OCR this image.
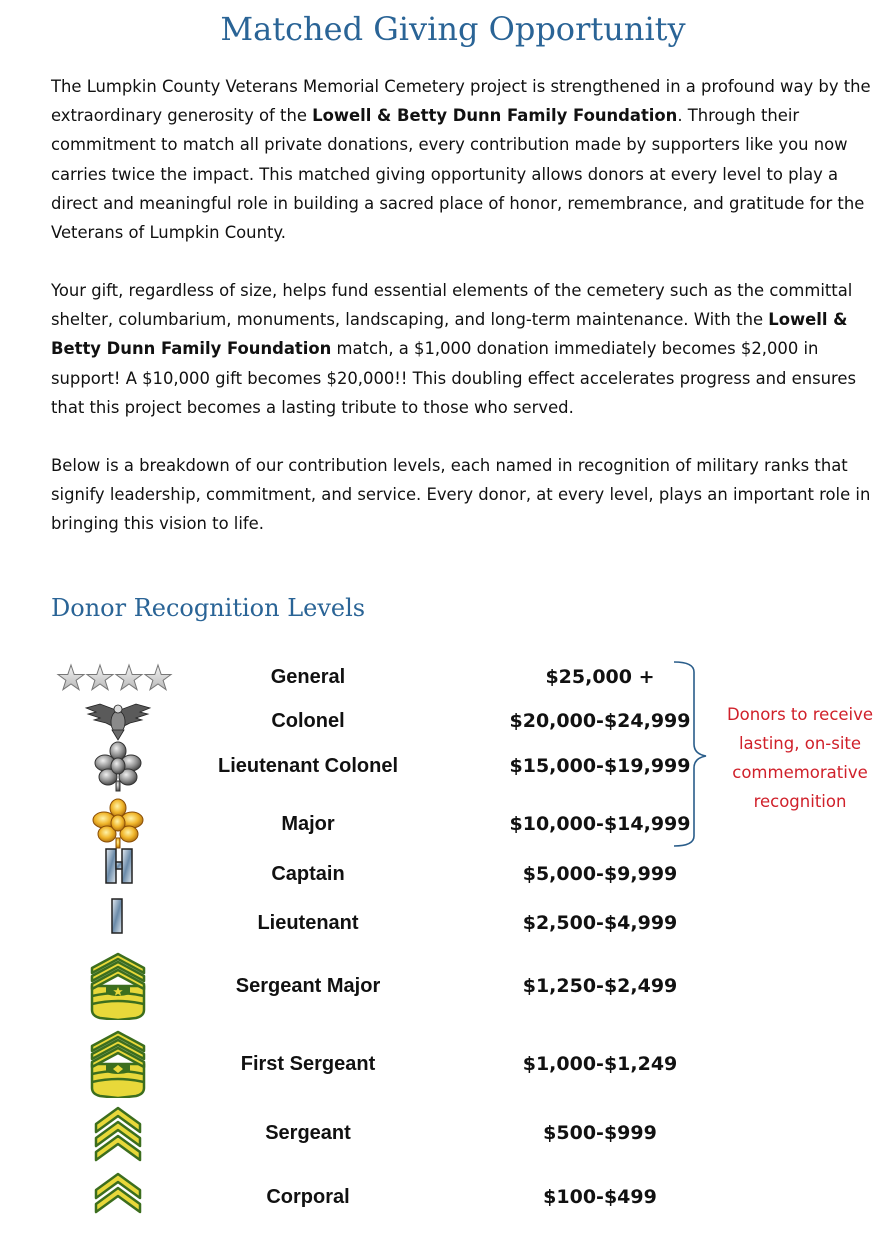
Matched Giving Opportunity

The Lumpkin County Veterans Memorial Cemetery project is strengthened in a profound way by the extraordinary generosity of the Lowell & Betty Dunn Family Foundation. Through their commitment to match all private donations, every contribution made by supporters like you now carries twice the impact. This matched giving opportunity allows donors at every level to play a direct and meaningful role in building a sacred place of honor, remembrance, and gratitude for the Veterans of Lumpkin County.

Your gift, regardless of size, helps fund essential elements of the cemetery such as the committal shelter, columbarium, monuments, landscaping, and long-term maintenance. With the Lowell & Betty Dunn Family Foundation match, a $1,000 donation immediately becomes $2,000 in support! A $10,000 gift becomes $20,000!! This doubling effect accelerates progress and ensures that this project becomes a lasting tribute to those who served.

Below is a breakdown of our contribution levels, each named in recognition of military ranks that signify leadership, commitment, and service. Every donor, at every level, plays an important role in bringing this vision to life.

Donor Recognition Levels
General	$25,000 +
Colonel	$20,000-$24,999
Lieutenant Colonel	$15,000-$19,999
Major	$10,000-$14,999
Captain	$5,000-$9,999
Lieutenant	$2,500-$4,999
Sergeant Major	$1,250-$2,499
First Sergeant	$1,000-$1,249
Sergeant	$500-$999
Corporal	$100-$499
Donors to receive lasting, on-site commemorative recognition
